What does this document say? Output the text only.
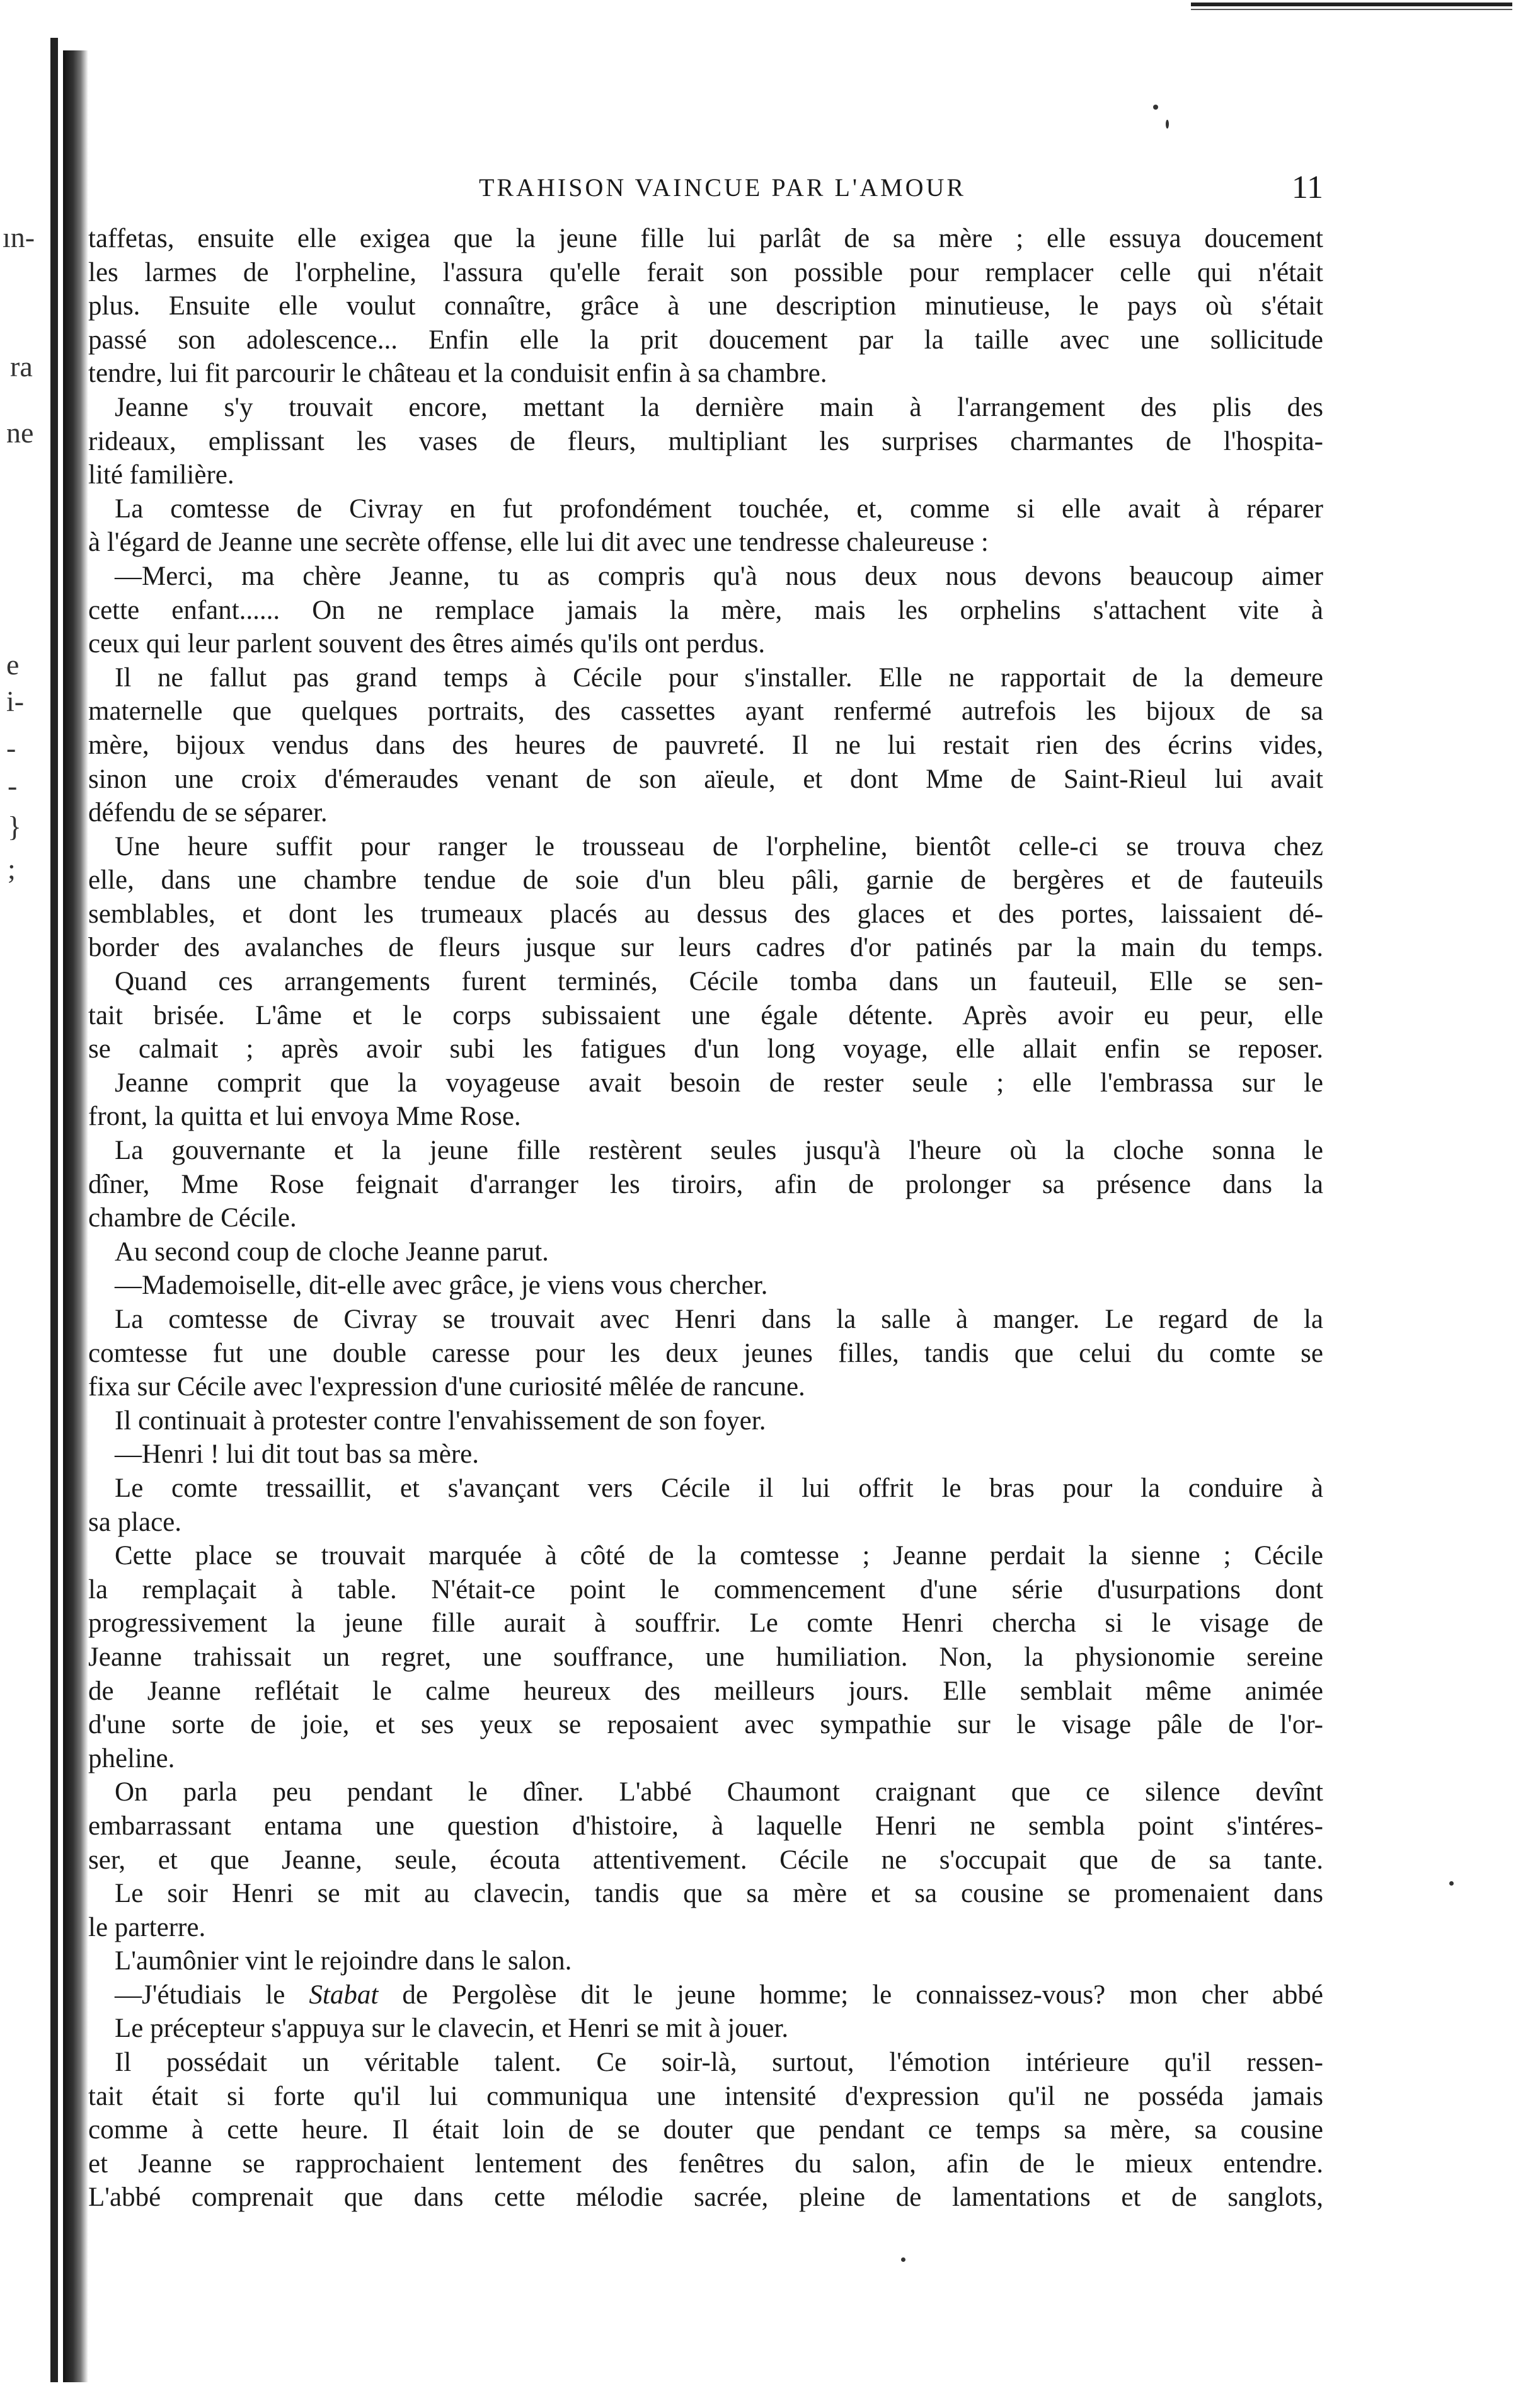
ın-
ra
ne
e
i-
-
-
}
;
TRAHISON VAINCUE PAR L'AMOUR	11
taffetas, ensuite elle exigea que la jeune fille lui parlât de sa mère ; elle essuya doucement
les larmes de l'orpheline, l'assura qu'elle ferait son possible pour remplacer celle qui n'était
plus. Ensuite elle voulut connaître, grâce à une description minutieuse, le pays où s'était
passé son adolescence... Enfin elle la prit doucement par la taille avec une sollicitude
tendre, lui fit parcourir le château et la conduisit enfin à sa chambre.
Jeanne s'y trouvait encore, mettant la dernière main à l'arrangement des plis des
rideaux, emplissant les vases de fleurs, multipliant les surprises charmantes de l'hospita-
lité familière.
La comtesse de Civray en fut profondément touchée, et, comme si elle avait à réparer
à l'égard de Jeanne une secrète offense, elle lui dit avec une tendresse chaleureuse :
—Merci, ma chère Jeanne, tu as compris qu'à nous deux nous devons beaucoup aimer
cette enfant...... On ne remplace jamais la mère, mais les orphelins s'attachent vite à
ceux qui leur parlent souvent des êtres aimés qu'ils ont perdus.
Il ne fallut pas grand temps à Cécile pour s'installer. Elle ne rapportait de la demeure
maternelle que quelques portraits, des cassettes ayant renfermé autrefois les bijoux de sa
mère, bijoux vendus dans des heures de pauvreté. Il ne lui restait rien des écrins vides,
sinon une croix d'émeraudes venant de son aïeule, et dont Mme de Saint-Rieul lui avait
défendu de se séparer.
Une heure suffit pour ranger le trousseau de l'orpheline, bientôt celle-ci se trouva chez
elle, dans une chambre tendue de soie d'un bleu pâli, garnie de bergères et de fauteuils
semblables, et dont les trumeaux placés au dessus des glaces et des portes, laissaient dé-
border des avalanches de fleurs jusque sur leurs cadres d'or patinés par la main du temps.
Quand ces arrangements furent terminés, Cécile tomba dans un fauteuil, Elle se sen-
tait brisée. L'âme et le corps subissaient une égale détente. Après avoir eu peur, elle
se calmait ; après avoir subi les fatigues d'un long voyage, elle allait enfin se reposer.
Jeanne comprit que la voyageuse avait besoin de rester seule ; elle l'embrassa sur le
front, la quitta et lui envoya Mme Rose.
La gouvernante et la jeune fille restèrent seules jusqu'à l'heure où la cloche sonna le
dîner, Mme Rose feignait d'arranger les tiroirs, afin de prolonger sa présence dans la
chambre de Cécile.
Au second coup de cloche Jeanne parut.
—Mademoiselle, dit-elle avec grâce, je viens vous chercher.
La comtesse de Civray se trouvait avec Henri dans la salle à manger. Le regard de la
comtesse fut une double caresse pour les deux jeunes filles, tandis que celui du comte se
fixa sur Cécile avec l'expression d'une curiosité mêlée de rancune.
Il continuait à protester contre l'envahissement de son foyer.
—Henri ! lui dit tout bas sa mère.
Le comte tressaillit, et s'avançant vers Cécile il lui offrit le bras pour la conduire à
sa place.
Cette place se trouvait marquée à côté de la comtesse ; Jeanne perdait la sienne ; Cécile
la remplaçait à table. N'était-ce point le commencement d'une série d'usurpations dont
progressivement la jeune fille aurait à souffrir. Le comte Henri chercha si le visage de
Jeanne trahissait un regret, une souffrance, une humiliation. Non, la physionomie sereine
de Jeanne reflétait le calme heureux des meilleurs jours. Elle semblait même animée
d'une sorte de joie, et ses yeux se reposaient avec sympathie sur le visage pâle de l'or-
pheline.
On parla peu pendant le dîner. L'abbé Chaumont craignant que ce silence devînt
embarrassant entama une question d'histoire, à laquelle Henri ne sembla point s'intéres-
ser, et que Jeanne, seule, écouta attentivement. Cécile ne s'occupait que de sa tante.
Le soir Henri se mit au clavecin, tandis que sa mère et sa cousine se promenaient dans
le parterre.
L'aumônier vint le rejoindre dans le salon.
—J'étudiais le Stabat de Pergolèse dit le jeune homme; le connaissez-vous? mon cher abbé
Le précepteur s'appuya sur le clavecin, et Henri se mit à jouer.
Il possédait un véritable talent. Ce soir-là, surtout, l'émotion intérieure qu'il ressen-
tait était si forte qu'il lui communiqua une intensité d'expression qu'il ne posséda jamais
comme à cette heure. Il était loin de se douter que pendant ce temps sa mère, sa cousine
et Jeanne se rapprochaient lentement des fenêtres du salon, afin de le mieux entendre.
L'abbé comprenait que dans cette mélodie sacrée, pleine de lamentations et de sanglots,
